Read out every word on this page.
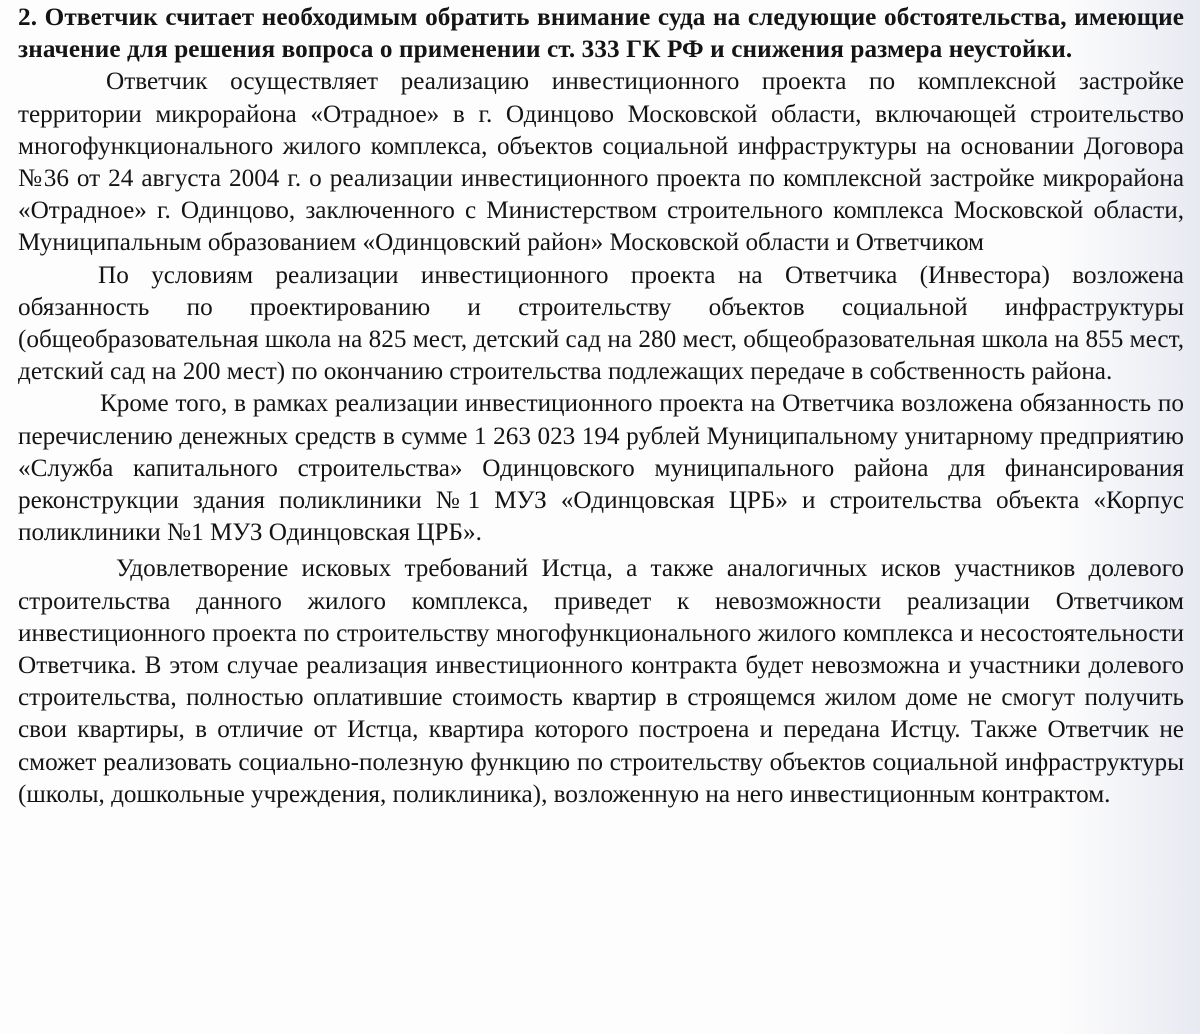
2. Ответчик считает необходимым обратить внимание суда на следующие обстоятельства, имеющие значение для решения вопроса о применении ст. 333 ГК РФ и снижения размера неустойки.

Ответчик осуществляет реализацию инвестиционного проекта по комплексной застройке территории микрорайона «Отрадное» в г. Одинцово Московской области, включающей строительство многофункционального жилого комплекса, объектов социальной инфраструктуры на основании Договора №36 от 24 августа 2004 г. о реализации инвестиционного проекта по комплексной застройке микрорайона «Отрадное» г. Одинцово, заключенного с Министерством строительного комплекса Московской области, Муниципальным образованием «Одинцовский район» Московской области и Ответчиком

По условиям реализации инвестиционного проекта на Ответчика (Инвестора) возложена обязанность по проектированию и строительству объектов социальной инфраструктуры (общеобразовательная школа на 825 мест, детский сад на 280 мест, общеобразовательная школа на 855 мест, детский сад на 200 мест) по окончанию строительства подлежащих передаче в собственность района.

Кроме того, в рамках реализации инвестиционного проекта на Ответчика возложена обязанность по перечислению денежных средств в сумме 1 263 023 194 рублей Муниципальному унитарному предприятию «Служба капитального строительства» Одинцовского муниципального района для финансирования реконструкции здания поликлиники №1 МУЗ «Одинцовская ЦРБ» и строительства объекта «Корпус поликлиники №1 МУЗ Одинцовская ЦРБ».

Удовлетворение исковых требований Истца, а также аналогичных исков участников долевого строительства данного жилого комплекса, приведет к невозможности реализации Ответчиком инвестиционного проекта по строительству многофункционального жилого комплекса и несостоятельности Ответчика. В этом случае реализация инвестиционного контракта будет невозможна и участники долевого строительства, полностью оплатившие стоимость квартир в строящемся жилом доме не смогут получить свои квартиры, в отличие от Истца, квартира которого построена и передана Истцу. Также Ответчик не сможет реализовать социально-полезную функцию по строительству объектов социальной инфраструктуры (школы, дошкольные учреждения, поликлиника), возложенную на него инвестиционным контрактом.
